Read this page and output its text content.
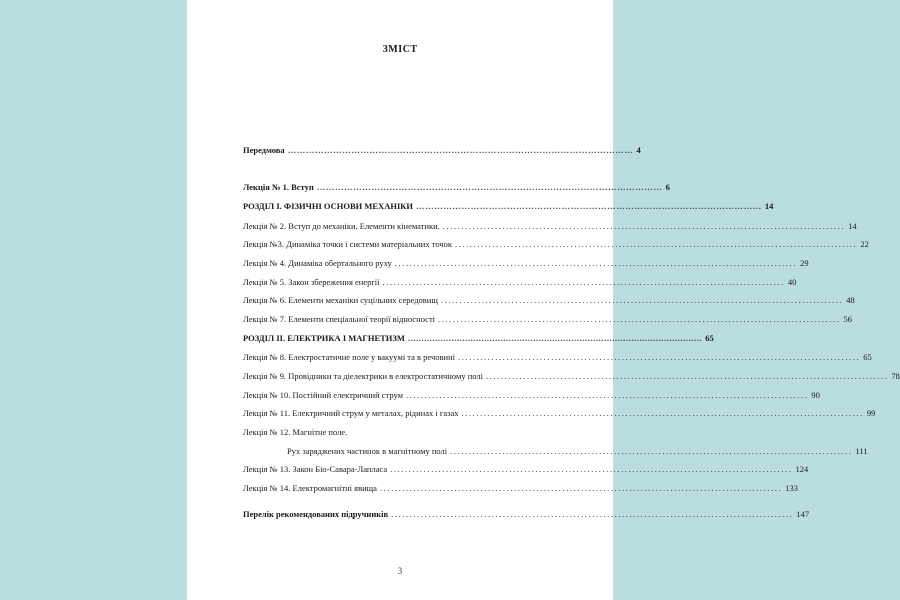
ЗМІСТ
Передмова …………………………………………………………………………………………………… 4
Лекція № 1. Вступ …………………………………………………………………………………………………… 6
РОЗДІЛ І. ФІЗИЧНІ ОСНОВИ МЕХАНІКИ …………………………………………………………………………………………………… 14
Лекція № 2. Вступ до механіки. Елементи кінематики. ............................................................................................................ 14
Лекція №3. Динаміка точки і системи матеріальних точок ............................................................................................................ 22
Лекція № 4. Динаміка обертального руху ............................................................................................................ 29
Лекція № 5. Закон збереження енергії ............................................................................................................ 40
Лекція № 6. Елементи механіки суцільних середовищ ............................................................................................................ 48
Лекція № 7. Елементи спеціальної теорії відносності ............................................................................................................ 56
РОЗДІЛ ІІ. ЕЛЕКТРИКА І МАГНЕТИЗМ ............................................................................................................ 65
Лекція № 8. Електростатичне поле у вакуумі та в речовині ............................................................................................................ 65
Лекція № 9. Провідники та діелектрики в електростатичному полі ............................................................................................................ 78
Лекція № 10. Постійний електричний струм ............................................................................................................ 90
Лекція № 11. Електричний струм у металах, рідинах і газах ............................................................................................................ 99
Лекція № 12. Магнітне поле.
Рух заряджених частинок в магнітному полі ............................................................................................................ 111
Лекція № 13. Закон Біо-Савара-Лапласа ............................................................................................................ 124
Лекція № 14. Електромагнітні явища ............................................................................................................ 133
Перелік рекомендованих підручників ............................................................................................................ 147
3
